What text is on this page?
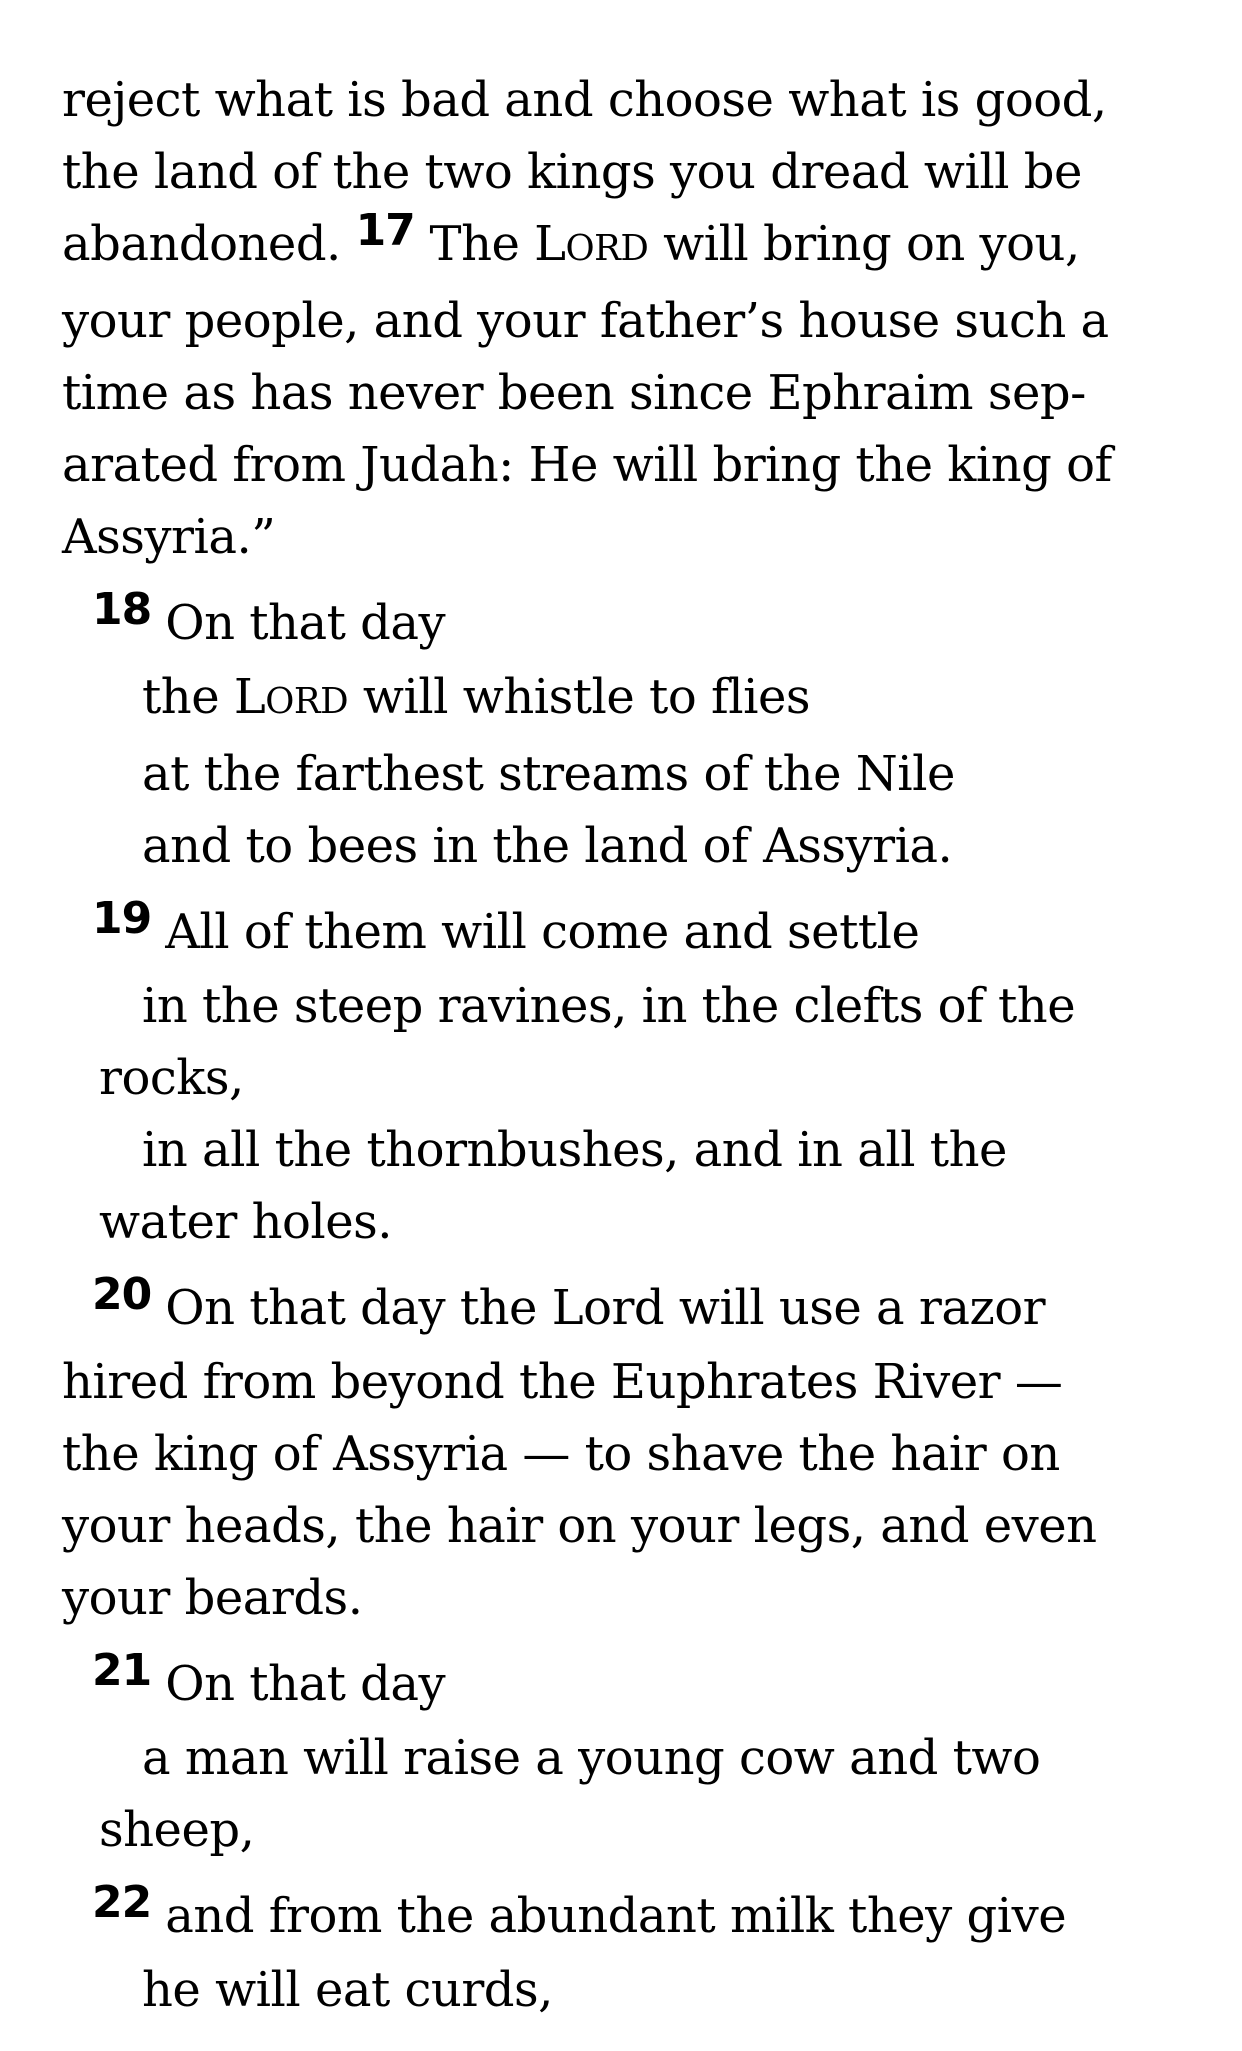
reject what is bad and choose what is good,
the land of the two kings you dread will be
abandoned. 17 The LORD will bring on you,
your people, and your father’s house such a
time as has never been since Ephraim sep-
arated from Judah: He will bring the king of
Assyria.”
18 On that day
the LORD will whistle to flies
at the farthest streams of the Nile
and to bees in the land of Assyria.
19 All of them will come and settle
in the steep ravines, in the clefts of the
rocks,
in all the thornbushes, and in all the
water holes.
20 On that day the Lord will use a razor
hired from beyond the Euphrates River —
the king of Assyria — to shave the hair on
your heads, the hair on your legs, and even
your beards.
21 On that day
a man will raise a young cow and two
sheep,
22 and from the abundant milk they give
he will eat curds,
